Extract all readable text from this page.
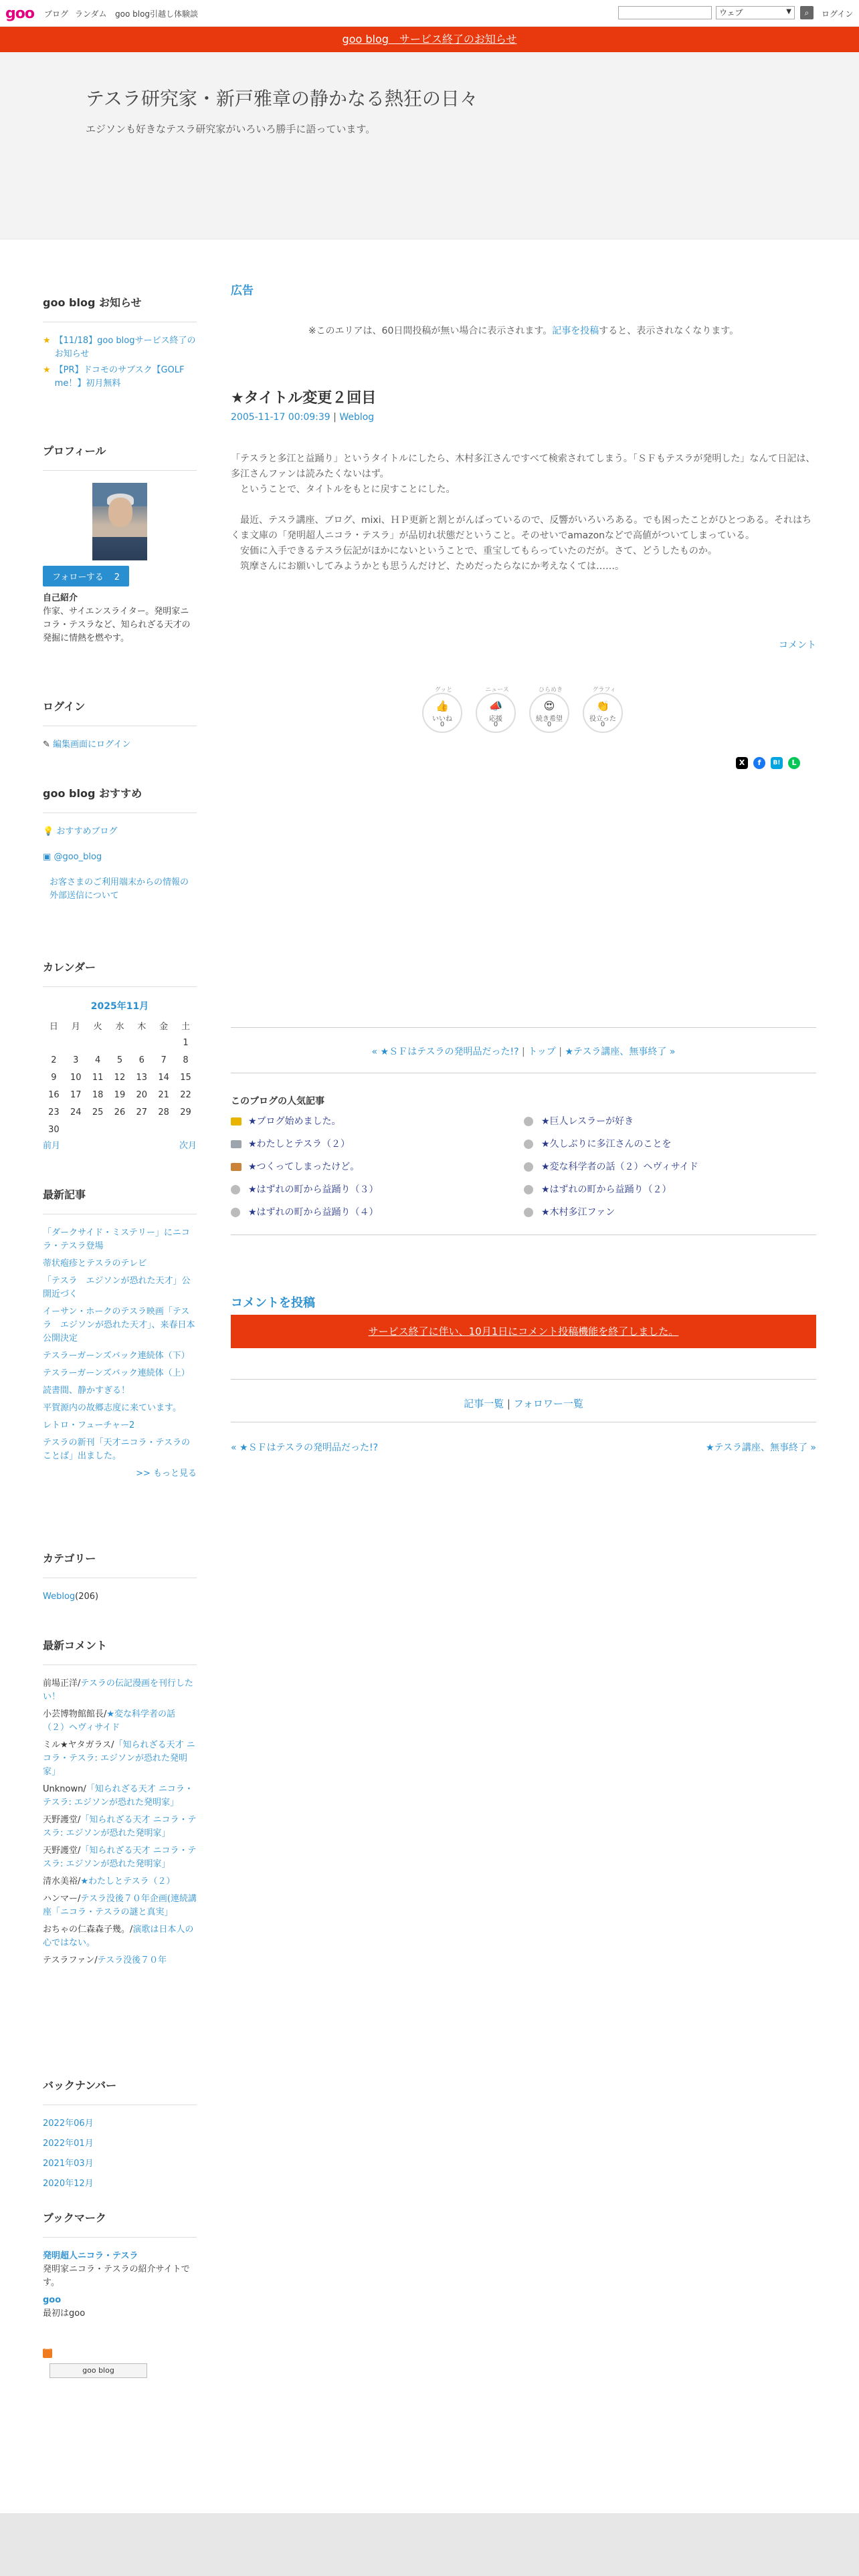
goo ブログ ランダム goo blog引越し体験談	ウェブ	▼	⌕	ログイン
goo blog　サービス終了のお知らせ
テスラ研究家・新戸雅章の静かなる熱狂の日々
エジソンも好きなテスラ研究家がいろいろ勝手に語っています。
goo blog お知らせ
★ 【11/18】goo blogサービス終了のお知らせ
★ 【PR】ドコモのサブスク【GOLF me！】初月無料
プロフィール
フォローする 2
自己紹介
作家、サイエンスライター。発明家ニコラ・テスラなど、知られざる天才の発掘に情熱を燃やす。
ログイン
✎ 編集画面にログイン
goo blog おすすめ
💡 おすすめブログ
▣ @goo_blog
お客さまのご利用端末からの情報の外部送信について
カレンダー
2025年11月
日	月	火	水	木	金	土
						1
2	3	4	5	6	7	8
9	10	11	12	13	14	15
16	17	18	19	20	21	22
23	24	25	26	27	28	29
30						
前月	次月
最新記事
「ダークサイド・ミステリー」にニコラ・テスラ登場
蒂状疱疹とテスラのテレビ
「テスラ　エジソンが恐れた天才」公開近づく
イーサン・ホークのテスラ映画「テスラ　エジソンが恐れた天才」、来春日本公開決定
テスラーガーンズバック連続体（下）
テスラーガーンズバック連続体（上）
読書間、静かすぎる！
平賀源内の故郷志度に来ています。
レトロ・フューチャー2
テスラの新刊「天才ニコラ・テスラのことば」出ました。
>> もっと見る
カテゴリー
Weblog(206)
最新コメント
前場正洋/テスラの伝記漫画を刊行したい！
小芸博物館館長/★変な科学者の話（２）ヘヴィサイド
ミル★ヤタガラス/「知られざる天才 ニコラ・テスラ: エジソンが恐れた発明家」
Unknown/「知られざる天才 ニコラ・テスラ: エジソンが恐れた発明家」
天野護堂/「知られざる天才 ニコラ・テスラ: エジソンが恐れた発明家」
天野護堂/「知られざる天才 ニコラ・テスラ: エジソンが恐れた発明家」
清水美裕/★わたしとテスラ（２）
ハンマー/テスラ没後７０年企画(連続講座「ニコラ・テスラの謎と真実」
おちゃの仁森森子幾。/演歌は日本人の心ではない。
テスラファン/テスラ没後７０年
バックナンバー
2022年06月
2022年01月
2021年03月
2020年12月
ブックマーク
発明超人ニコラ・テスラ
発明家ニコラ・テスラの紹介サイトです。
goo
最初はgoo
⌒
goo blog
広告
※このエリアは、60日間投稿が無い場合に表示されます。記事を投稿すると、表示されなくなります。
★タイトル変更２回目
2005-11-17 00:09:39 | Weblog

「テスラと多江と益踊り」というタイトルにしたら、木村多江さんですべて検索されてしまう。「ＳＦもテスラが発明した」なんて日記は、多江さんファンは読みたくないはず。

　ということで、タイトルをもとに戻すことにした。

　最近、テスラ講座、ブログ、mixi、ＨＰ更新と割とがんばっているので、反響がいろいろある。でも困ったことがひとつある。それはちくま文庫の「発明超人ニコラ・テスラ」が品切れ状態だということ。そのせいでamazonなどで高値がついてしまっている。

　安価に入手できるテスラ伝記がほかにないということで、重宝してもらっていたのだが。さて、どうしたものか。

　筑摩さんにお願いしてみようかとも思うんだけど、ためだったらなにか考えなくては……。

コメント
グッと
👍
いいね
0
ニュース
📣
応援
0
ひらめき
😍
続き希望
0
グラフィ
👏
役立った
0
X	f	B!	L
« ★ＳＦはテスラの発明品だった!? | トップ | ★テスラ講座、無事終了 »
このブログの人気記事
★ブログ始めました。
★わたしとテスラ（２）
★つくってしまったけど。
★はずれの町から益踊り（３）
★はずれの町から益踊り（４）
★巨人レスラーが好き
★久しぶりに多江さんのことを
★変な科学者の話（２）ヘヴィサイド
★はずれの町から益踊り（２）
★木村多江ファン
コメントを投稿
サービス終了に伴い、10月1日にコメント投稿機能を終了しました。
記事一覧 | フォロワー一覧
« ★ＳＦはテスラの発明品だった!?	★テスラ講座、無事終了 »
